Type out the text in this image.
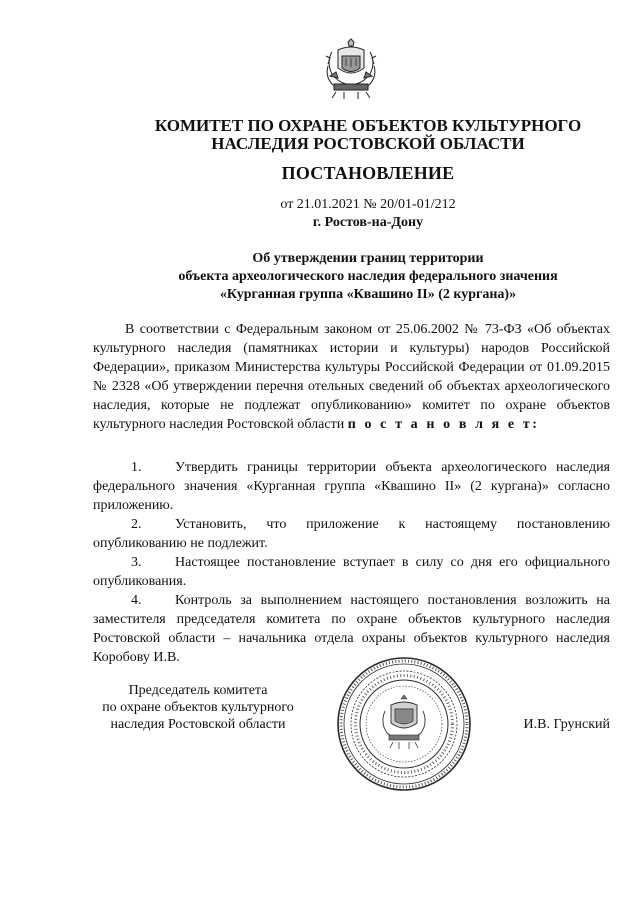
КОМИТЕТ ПО ОХРАНЕ ОБЪЕКТОВ КУЛЬТУРНОГО
НАСЛЕДИЯ РОСТОВСКОЙ ОБЛАСТИ
ПОСТАНОВЛЕНИЕ
от 21.01.2021 № 20/01-01/212
г. Ростов-на-Дону
Об утверждении границ территории
объекта археологического наследия федерального значения
«Курганная группа «Квашино II» (2 кургана)»

В соответствии с Федеральным законом от 25.06.2002 № 73-ФЗ «Об объектах культурного наследия (памятниках истории и культуры) народов Российской Федерации», приказом Министерства культуры Российской Федерации от 01.09.2015 № 2328 «Об утверждении перечня отельных сведений об объектах археологического наследия, которые не подлежат опубликованию» комитет по охране объектов культурного наследия Ростовской области п о с т а н о в л я е т:

1. Утвердить границы территории объекта археологического наследия федерального значения «Курганная группа «Квашино II» (2 кургана)» согласно приложению.

2. Установить, что приложение к настоящему постановлению опубликованию не подлежит.

3. Настоящее постановление вступает в силу со дня его официального опубликования.

4. Контроль за выполнением настоящего постановления возложить на заместителя председателя комитета по охране объектов культурного наследия Ростовской области – начальника отдела охраны объектов культурного наследия Коробову И.В.

Председатель комитета
по охране объектов культурного
наследия Ростовской области	И.В. Грунский
